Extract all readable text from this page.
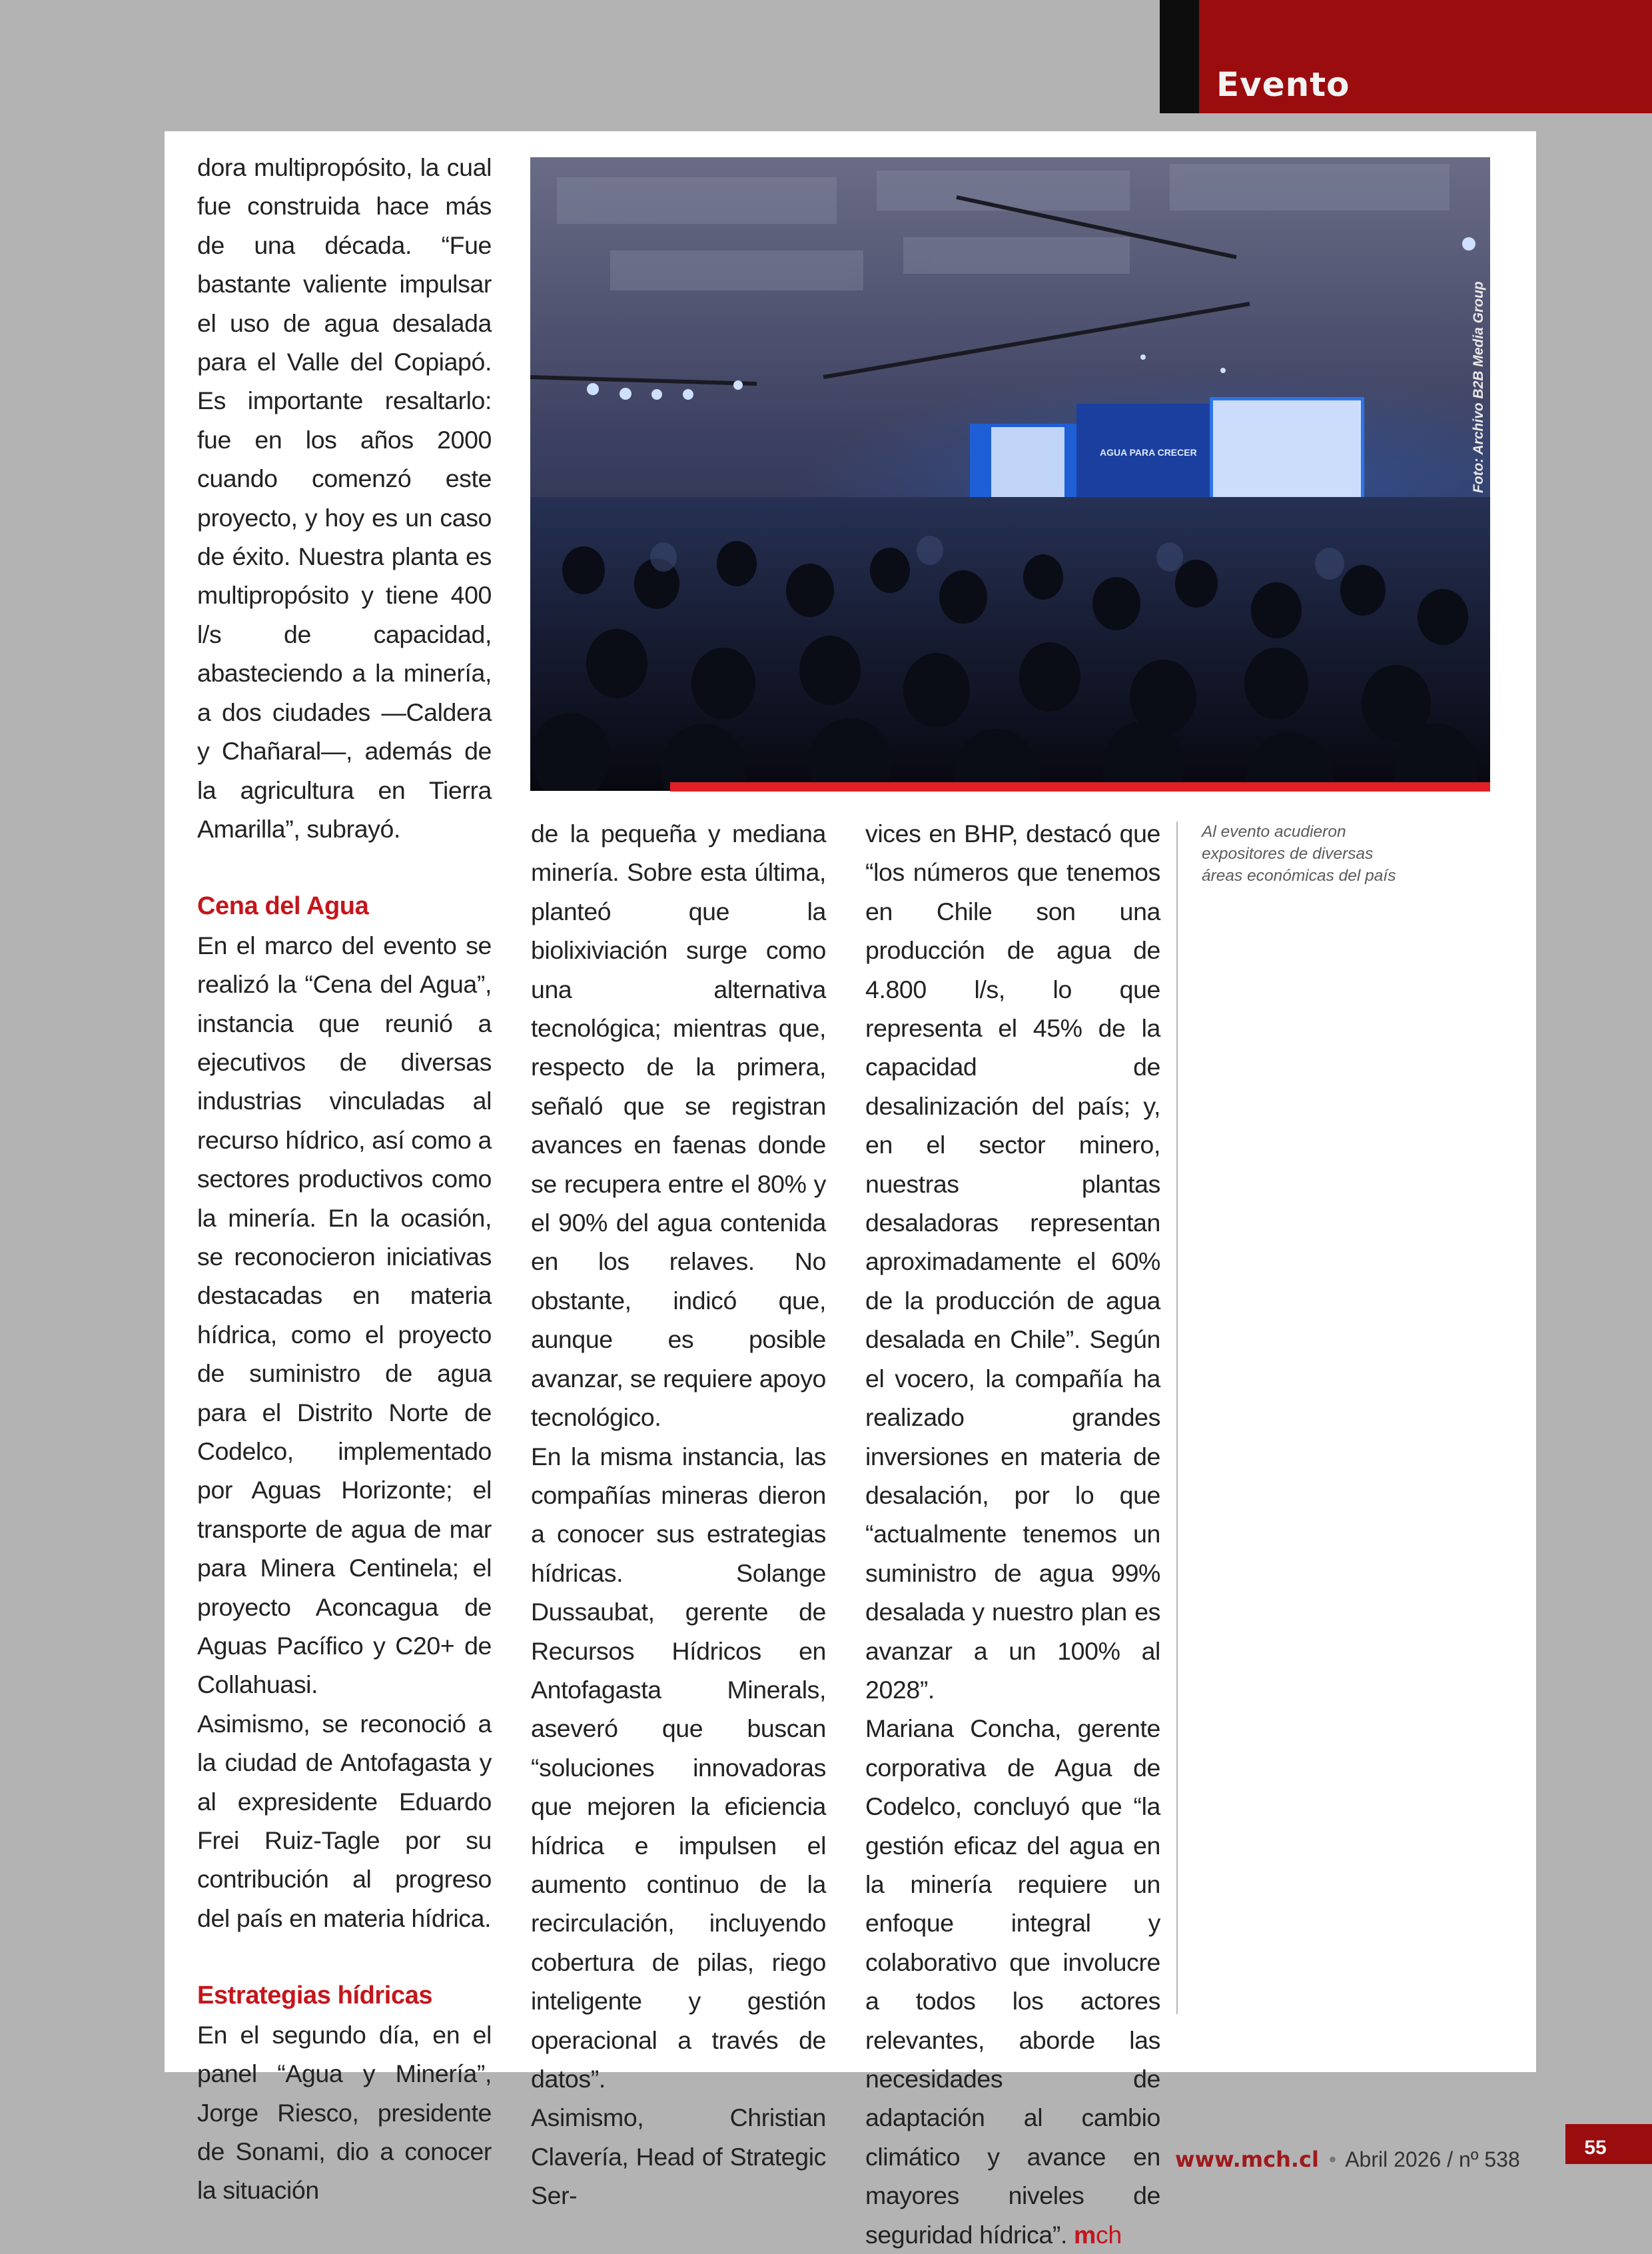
Evento

dora multipropósito, la cual fue construida hace más de una década. “Fue bastante valiente impulsar el uso de agua desalada para el Valle del Copiapó. Es importante resaltarlo: fue en los años 2000 cuando comenzó este proyecto, y hoy es un caso de éxito. Nuestra planta es multipropósito y tiene 400 l/s de capacidad, abasteciendo a la minería, a dos ciudades —Caldera y Chañaral—, además de la agricultura en Tierra Amarilla”, subrayó.

Cena del Agua

En el marco del evento se realizó la “Cena del Agua”, instancia que reunió a ejecutivos de diversas industrias vinculadas al recurso hídrico, así como a sectores productivos como la minería. En la ocasión, se reconocieron iniciativas destacadas en materia hídrica, como el proyecto de suministro de agua para el Distrito Norte de Codelco, implementado por Aguas Horizonte; el transporte de agua de mar para Minera Centinela; el proyecto Aconcagua de Aguas Pacífico y C20+ de Collahuasi.

Asimismo, se reconoció a la ciudad de Antofagasta y al expresidente Eduardo Frei Ruiz-Tagle por su contribución al progreso del país en materia hídrica.

Estrategias hídricas

En el segundo día, en el panel “Agua y Minería”, Jorge Riesco, presidente de Sonami, dio a conocer la situación

AGUA PARA CRECER	Foto: Archivo B2B Media Group

de la pequeña y mediana minería. Sobre esta última, planteó que la biolixiviación surge como una alternativa tecnológica; mientras que, respecto de la primera, señaló que se registran avances en faenas donde se recupera entre el 80% y el 90% del agua contenida en los relaves. No obstante, indicó que, aunque es posible avanzar, se requiere apoyo tecnológico.

En la misma instancia, las compañías mineras dieron a conocer sus estrategias hídricas. Solange Dussaubat, gerente de Recursos Hídricos en Antofagasta Minerals, aseveró que buscan “soluciones innovadoras que mejoren la eficiencia hídrica e impulsen el aumento continuo de la recirculación, incluyendo cobertura de pilas, riego inteligente y gestión operacional a través de datos”.

Asimismo, Christian Clavería, Head of Strategic Ser-

vices en BHP, destacó que “los números que tenemos en Chile son una producción de agua de 4.800 l/s, lo que representa el 45% de la capacidad de desalinización del país; y, en el sector minero, nuestras plantas desaladoras representan aproximadamente el 60% de la producción de agua desalada en Chile”. Según el vocero, la compañía ha realizado grandes inversiones en materia de desalación, por lo que “actualmente tenemos un suministro de agua 99% desalada y nuestro plan es avanzar a un 100% al 2028”.

Mariana Concha, gerente corporativa de Agua de Codelco, concluyó que “la gestión eficaz del agua en la minería requiere un enfoque integral y colaborativo que involucre a todos los actores relevantes, aborde las necesidades de adaptación al cambio climático y avance en mayores niveles de seguridad hídrica”. mch

Al evento acudieron expositores de diversas áreas económicas del país
www.mch.cl • Abril 2026 / nº 538	55
